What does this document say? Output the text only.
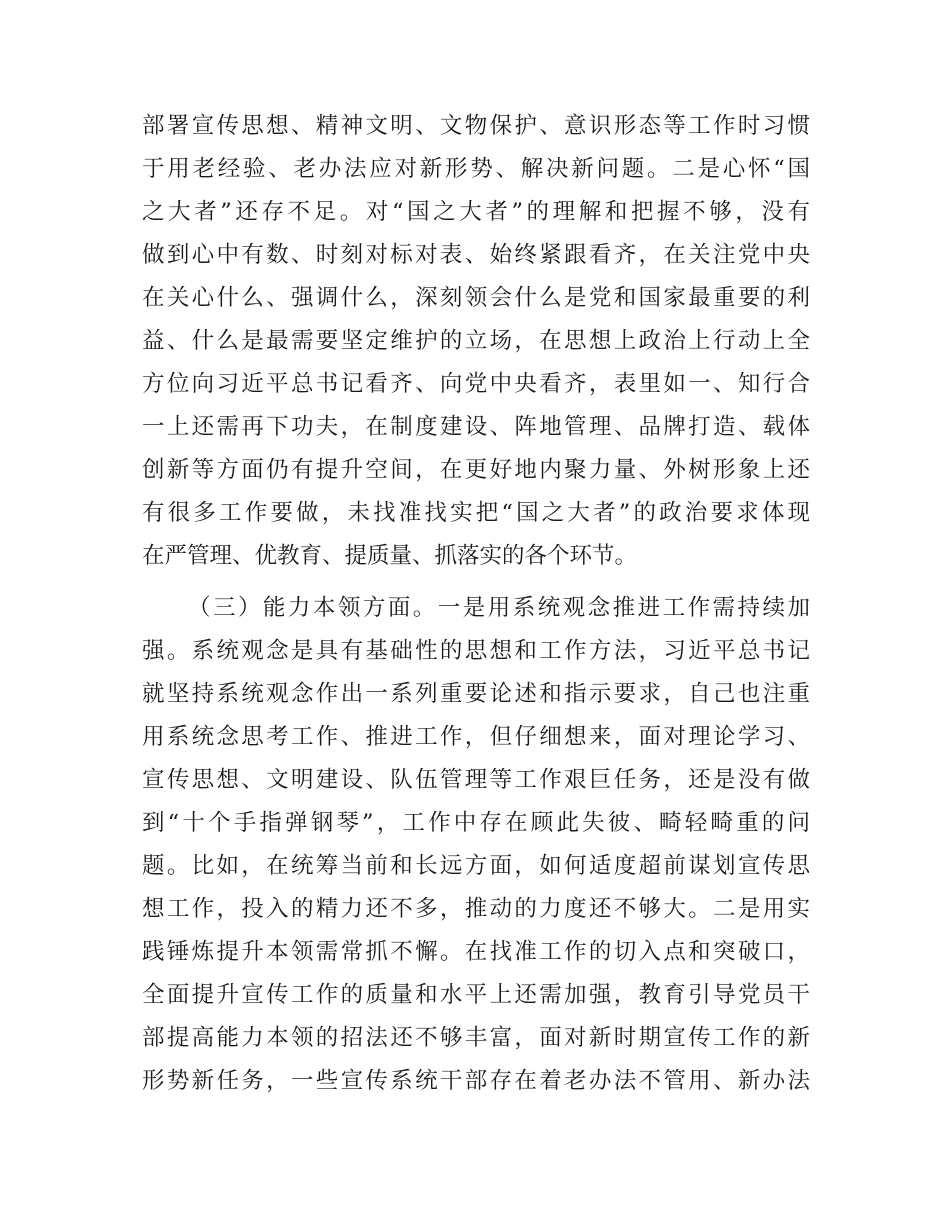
部署宣传思想、精神文明、文物保护、意识形态等工作时习惯
于用老经验、老办法应对新形势、解决新问题。二是心怀“国
之大者”还存不足。对“国之大者”的理解和把握不够，没有
做到心中有数、时刻对标对表、始终紧跟看齐，在关注党中央
在关心什么、强调什么，深刻领会什么是党和国家最重要的利
益、什么是最需要坚定维护的立场，在思想上政治上行动上全
方位向习近平总书记看齐、向党中央看齐，表里如一、知行合
一上还需再下功夫，在制度建设、阵地管理、品牌打造、载体
创新等方面仍有提升空间，在更好地内聚力量、外树形象上还
有很多工作要做，未找准找实把“国之大者”的政治要求体现
在严管理、优教育、提质量、抓落实的各个环节。
（三）能力本领方面。一是用系统观念推进工作需持续加
强。系统观念是具有基础性的思想和工作方法，习近平总书记
就坚持系统观念作出一系列重要论述和指示要求，自己也注重
用系统念思考工作、推进工作，但仔细想来，面对理论学习、
宣传思想、文明建设、队伍管理等工作艰巨任务，还是没有做
到“十个手指弹钢琴”，工作中存在顾此失彼、畸轻畸重的问
题。比如，在统筹当前和长远方面，如何适度超前谋划宣传思
想工作，投入的精力还不多，推动的力度还不够大。二是用实
践锤炼提升本领需常抓不懈。在找准工作的切入点和突破口，
全面提升宣传工作的质量和水平上还需加强，教育引导党员干
部提高能力本领的招法还不够丰富，面对新时期宣传工作的新
形势新任务，一些宣传系统干部存在着老办法不管用、新办法
